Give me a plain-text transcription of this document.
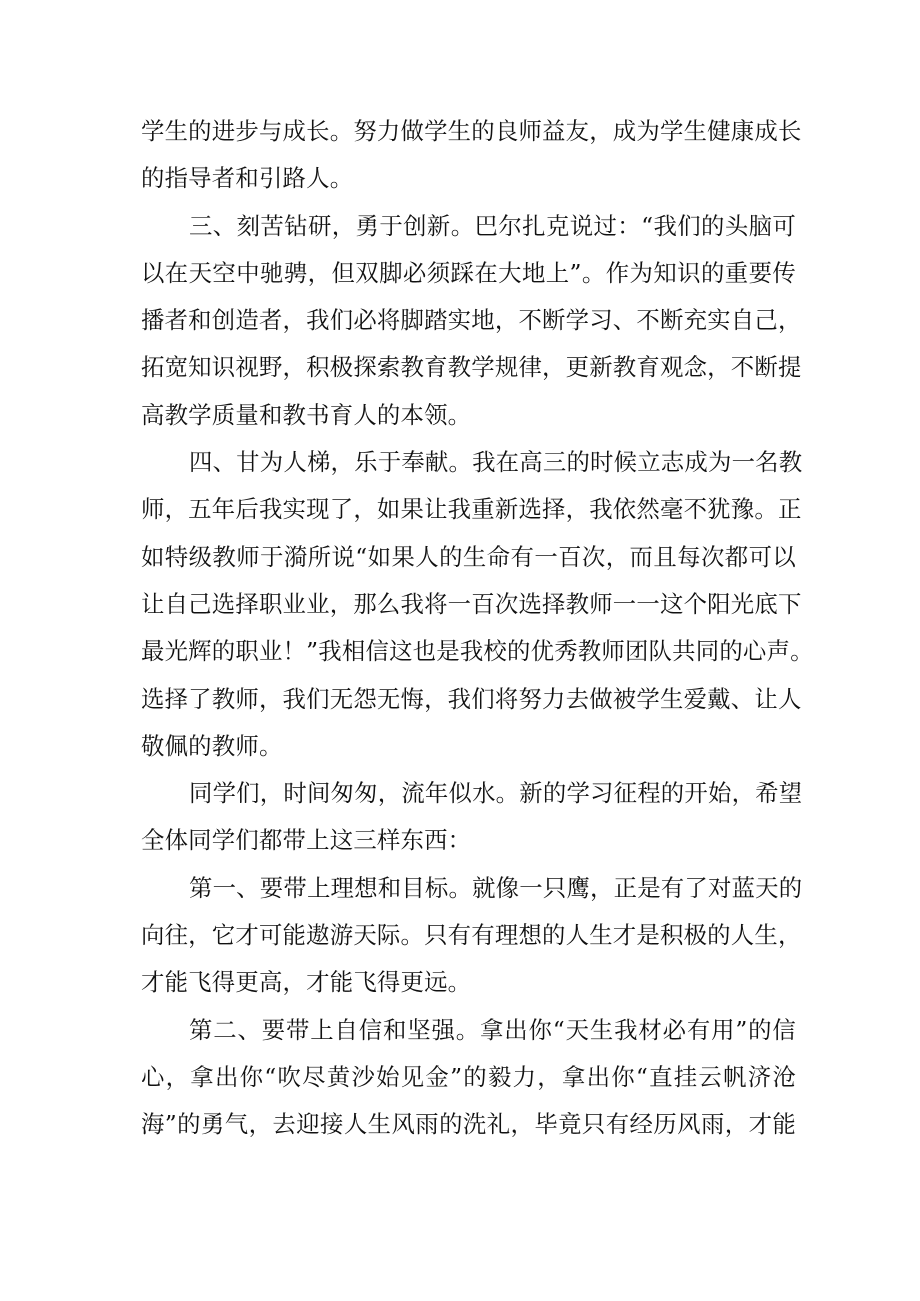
学生的进步与成长。努力做学生的良师益友，成为学生健康成长
的指导者和引路人。
三、刻苦钻研，勇于创新。巴尔扎克说过：“我们的头脑可
以在天空中驰骋，但双脚必须踩在大地上”。作为知识的重要传
播者和创造者，我们必将脚踏实地，不断学习、不断充实自己，
拓宽知识视野，积极探索教育教学规律，更新教育观念，不断提
高教学质量和教书育人的本领。
四、甘为人梯，乐于奉献。我在高三的时候立志成为一名教
师，五年后我实现了，如果让我重新选择，我依然毫不犹豫。正
如特级教师于漪所说“如果人的生命有一百次，而且每次都可以
让自己选择职业业，那么我将一百次选择教师一一这个阳光底下
最光辉的职业！”我相信这也是我校的优秀教师团队共同的心声。
选择了教师，我们无怨无悔，我们将努力去做被学生爱戴、让人
敬佩的教师。
同学们，时间匆匆，流年似水。新的学习征程的开始，希望
全体同学们都带上这三样东西：
第一、要带上理想和目标。就像一只鹰，正是有了对蓝天的
向往，它才可能遨游天际。只有有理想的人生才是积极的人生，
才能飞得更高，才能飞得更远。
第二、要带上自信和坚强。拿出你“天生我材必有用”的信
心，拿出你“吹尽黄沙始见金”的毅力，拿出你“直挂云帆济沧
海”的勇气，去迎接人生风雨的洗礼，毕竟只有经历风雨，才能
